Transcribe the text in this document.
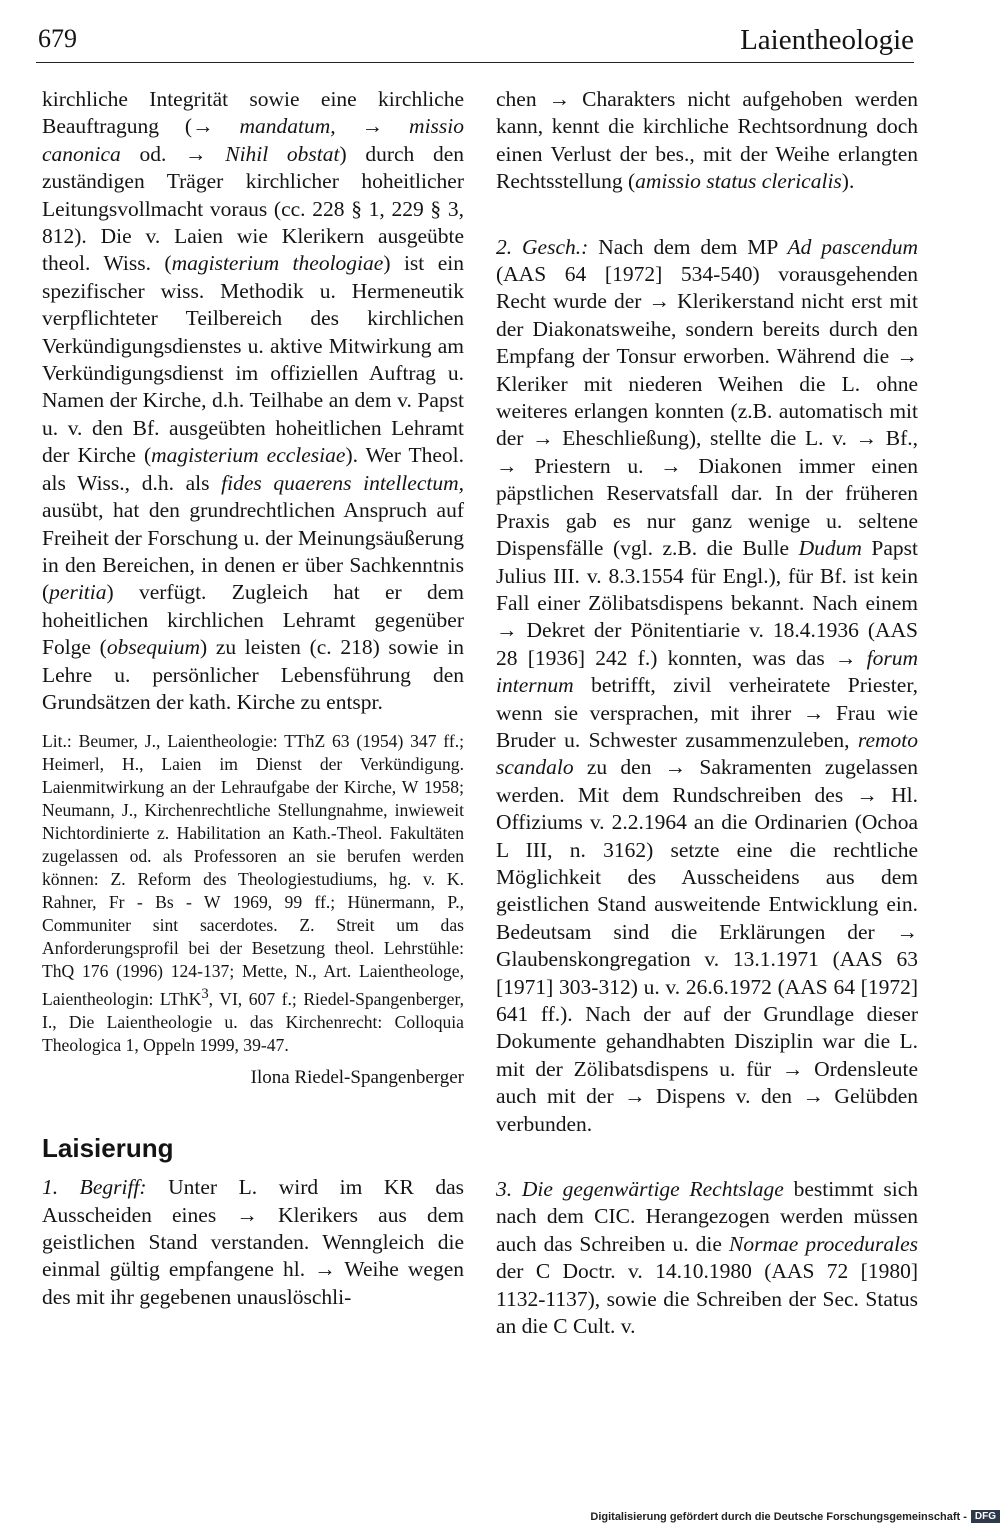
679	Laientheologie

kirchliche Integrität sowie eine kirchliche Beauftragung (→ mandatum, → missio canonica od. → Nihil obstat) durch den zuständigen Träger kirchlicher hoheitlicher Leitungsvollmacht voraus (cc. 228 § 1, 229 § 3, 812). Die v. Laien wie Klerikern ausgeübte theol. Wiss. (magisterium theologiae) ist ein spezifischer wiss. Methodik u. Hermeneutik verpflichteter Teilbereich des kirchlichen Verkündigungsdienstes u. aktive Mitwirkung am Verkündigungsdienst im offiziellen Auftrag u. Namen der Kirche, d.h. Teilhabe an dem v. Papst u. v. den Bf. ausgeübten hoheitlichen Lehramt der Kirche (magisterium ecclesiae). Wer Theol. als Wiss., d.h. als fides quaerens intellectum, ausübt, hat den grundrechtlichen Anspruch auf Freiheit der Forschung u. der Meinungsäußerung in den Bereichen, in denen er über Sachkenntnis (peritia) verfügt. Zugleich hat er dem hoheitlichen kirchlichen Lehramt gegenüber Folge (obsequium) zu leisten (c. 218) sowie in Lehre u. persönlicher Lebensführung den Grundsätzen der kath. Kirche zu entspr.

Lit.: Beumer, J., Laientheologie: TThZ 63 (1954) 347 ff.; Heimerl, H., Laien im Dienst der Verkündigung. Laienmitwirkung an der Lehraufgabe der Kirche, W 1958; Neumann, J., Kirchenrechtliche Stellungnahme, inwieweit Nichtordinierte z. Habilitation an Kath.-Theol. Fakultäten zugelassen od. als Professoren an sie berufen werden können: Z. Reform des Theologiestudiums, hg. v. K. Rahner, Fr - Bs - W 1969, 99 ff.; Hünermann, P., Communiter sint sacerdotes. Z. Streit um das Anforderungsprofil bei der Besetzung theol. Lehrstühle: ThQ 176 (1996) 124-137; Mette, N., Art. Laientheologe, Laientheologin: LThK$^3$, VI, 607 f.; Riedel-Spangenberger, I., Die Laientheologie u. das Kirchenrecht: Colloquia Theologica 1, Oppeln 1999, 39-47.

Ilona Riedel-Spangenberger

Laisierung

1. Begriff: Unter L. wird im KR das Ausscheiden eines → Klerikers aus dem geistlichen Stand verstanden. Wenngleich die einmal gültig empfangene hl. → Weihe wegen des mit ihr gegebenen unauslöschli-

chen → Charakters nicht aufgehoben werden kann, kennt die kirchliche Rechtsordnung doch einen Verlust der bes., mit der Weihe erlangten Rechtsstellung (amissio status clericalis).

2. Gesch.: Nach dem dem MP Ad pascendum (AAS 64 [1972] 534-540) vorausgehenden Recht wurde der → Klerikerstand nicht erst mit der Diakonatsweihe, sondern bereits durch den Empfang der Tonsur erworben. Während die → Kleriker mit niederen Weihen die L. ohne weiteres erlangen konnten (z.B. automatisch mit der → Eheschließung), stellte die L. v. → Bf., → Priestern u. → Diakonen immer einen päpstlichen Reservatsfall dar. In der früheren Praxis gab es nur ganz wenige u. seltene Dispensfälle (vgl. z.B. die Bulle Dudum Papst Julius III. v. 8.3.1554 für Engl.), für Bf. ist kein Fall einer Zölibatsdispens bekannt. Nach einem → Dekret der Pönitentiarie v. 18.4.1936 (AAS 28 [1936] 242 f.) konnten, was das → forum internum betrifft, zivil verheiratete Priester, wenn sie versprachen, mit ihrer → Frau wie Bruder u. Schwester zusammenzuleben, remoto scandalo zu den → Sakramenten zugelassen werden. Mit dem Rundschreiben des → Hl. Offiziums v. 2.2.1964 an die Ordinarien (Ochoa L III, n. 3162) setzte eine die rechtliche Möglichkeit des Ausscheidens aus dem geistlichen Stand ausweitende Entwicklung ein. Bedeutsam sind die Erklärungen der → Glaubenskongregation v. 13.1.1971 (AAS 63 [1971] 303-312) u. v. 26.6.1972 (AAS 64 [1972] 641 ff.). Nach der auf der Grundlage dieser Dokumente gehandhabten Disziplin war die L. mit der Zölibatsdispens u. für → Ordensleute auch mit der → Dispens v. den → Gelübden verbunden.

3. Die gegenwärtige Rechtslage bestimmt sich nach dem CIC. Herangezogen werden müssen auch das Schreiben u. die Normae procedurales der C Doctr. v. 14.10.1980 (AAS 72 [1980] 1132-1137), sowie die Schreiben der Sec. Status an die C Cult. v.

Digitalisierung gefördert durch die Deutsche Forschungsgemeinschaft - DFG
